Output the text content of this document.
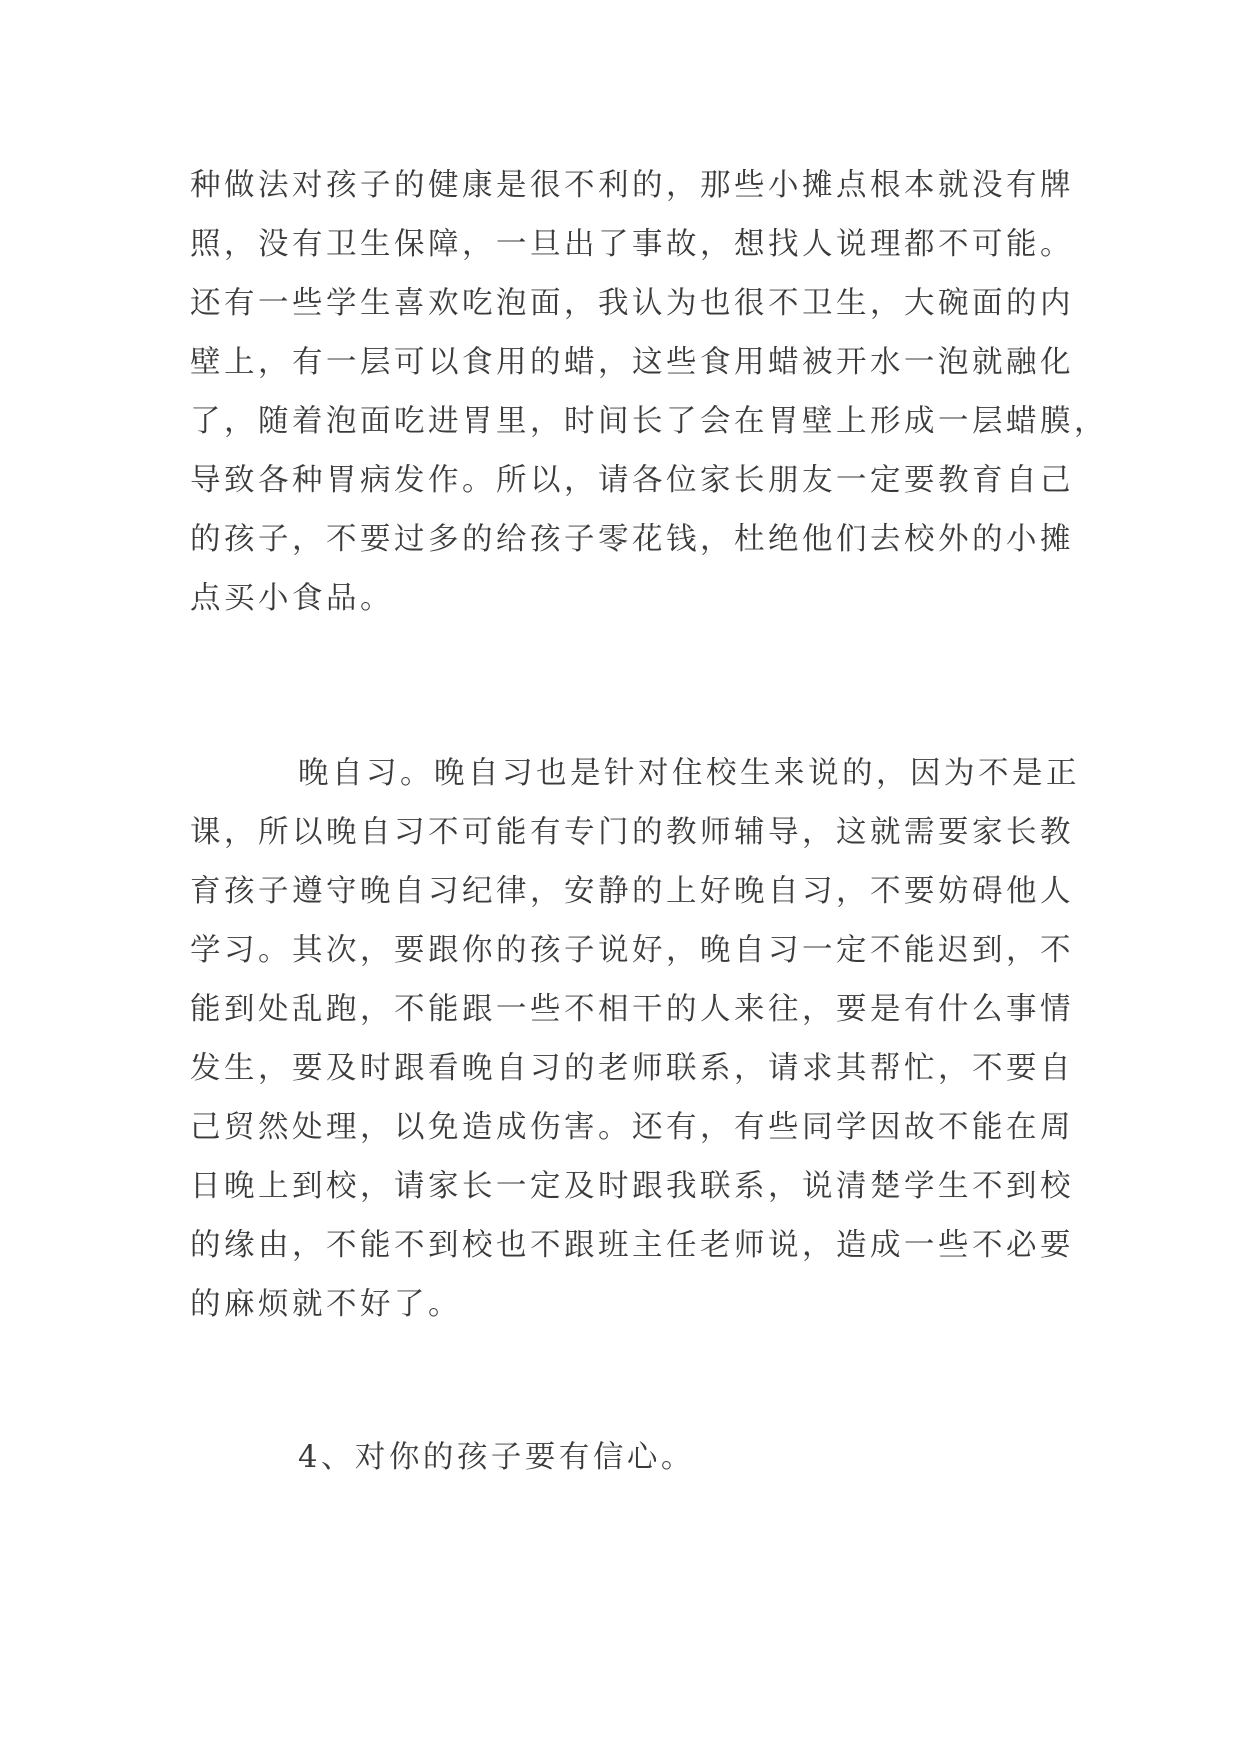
种做法对孩子的健康是很不利的，那些小摊点根本就没有牌
照，没有卫生保障，一旦出了事故，想找人说理都不可能。
还有一些学生喜欢吃泡面，我认为也很不卫生，大碗面的内
壁上，有一层可以食用的蜡，这些食用蜡被开水一泡就融化
了，随着泡面吃进胃里，时间长了会在胃壁上形成一层蜡膜，
导致各种胃病发作。所以，请各位家长朋友一定要教育自己
的孩子，不要过多的给孩子零花钱，杜绝他们去校外的小摊
点买小食品。
晚自习。晚自习也是针对住校生来说的，因为不是正
课，所以晚自习不可能有专门的教师辅导，这就需要家长教
育孩子遵守晚自习纪律，安静的上好晚自习，不要妨碍他人
学习。其次，要跟你的孩子说好，晚自习一定不能迟到，不
能到处乱跑，不能跟一些不相干的人来往，要是有什么事情
发生，要及时跟看晚自习的老师联系，请求其帮忙，不要自
己贸然处理，以免造成伤害。还有，有些同学因故不能在周
日晚上到校，请家长一定及时跟我联系，说清楚学生不到校
的缘由，不能不到校也不跟班主任老师说，造成一些不必要
的麻烦就不好了。
4、对你的孩子要有信心。
